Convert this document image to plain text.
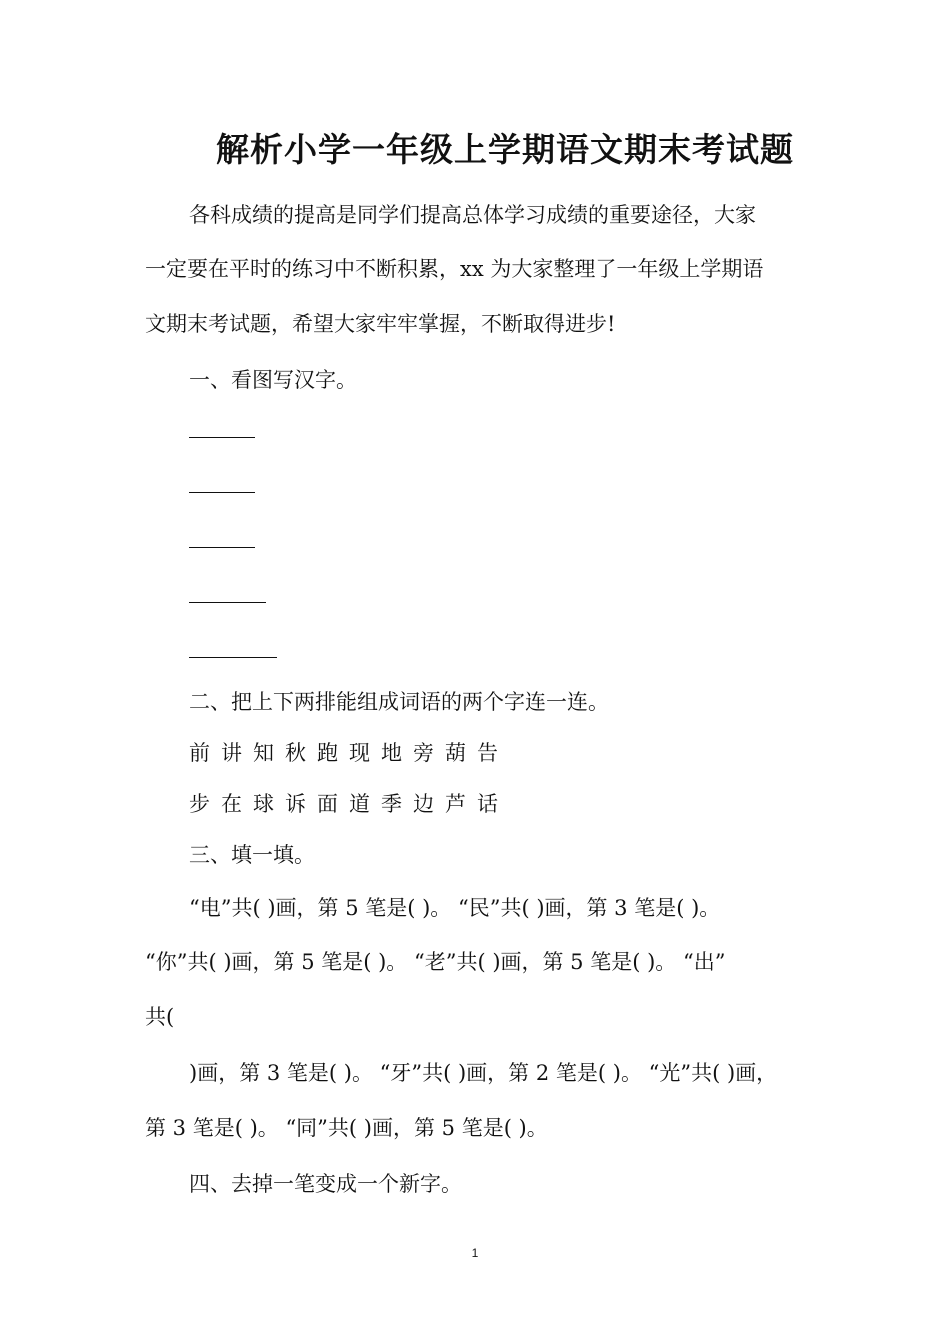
解析小学一年级上学期语文期末考试题
各科成绩的提高是同学们提高总体学习成绩的重要途径，大家
一定要在平时的练习中不断积累，xx 为大家整理了一年级上学期语
文期末考试题，希望大家牢牢掌握，不断取得进步!
一、看图写汉字。
二、把上下两排能组成词语的两个字连一连。
前讲知秋跑现地旁葫告
步在球诉面道季边芦话
三、填一填。
“电”共( )画，第 5 笔是( )。 “民”共( )画，第 3 笔是( )。
“你”共( )画，第 5 笔是( )。 “老”共( )画，第 5 笔是( )。 “出”
共(
)画，第 3 笔是( )。 “牙”共( )画，第 2 笔是( )。 “光”共( )画，
第 3 笔是( )。 “同”共( )画，第 5 笔是( )。
四、去掉一笔变成一个新字。
1
